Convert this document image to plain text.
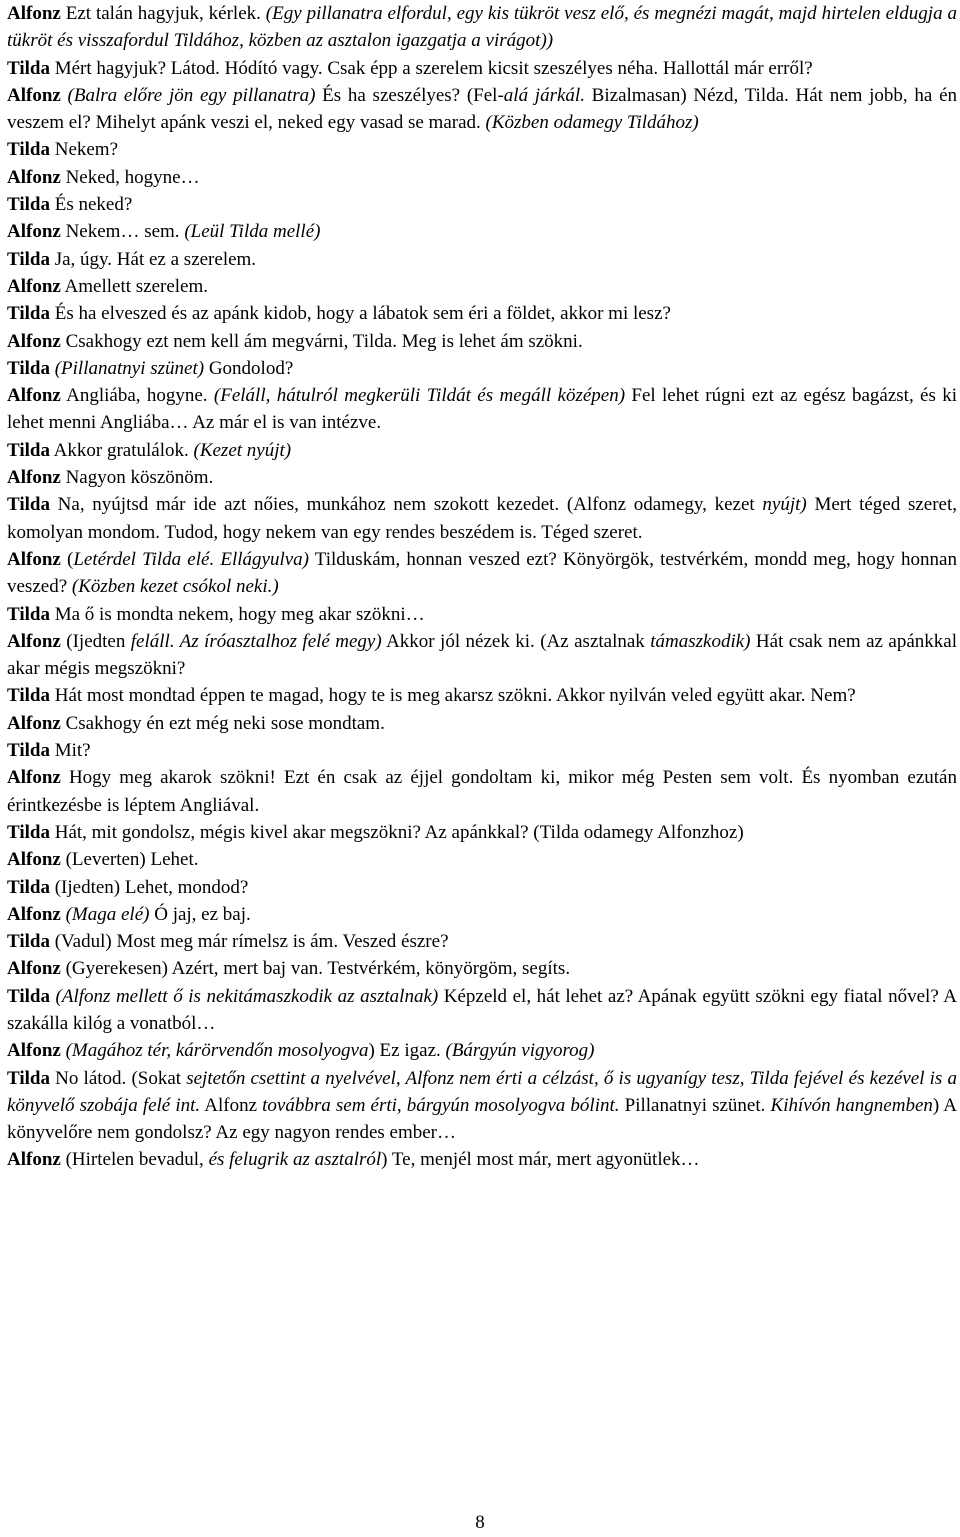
Alfonz Ezt talán hagyjuk, kérlek. (Egy pillanatra elfordul, egy kis tükröt vesz elő, és megnézi magát, majd hirtelen eldugja a tükröt és visszafordul Tildához, közben az asztalon igazgatja a virágot))

Tilda Mért hagyjuk? Látod. Hódító vagy. Csak épp a szerelem kicsit szeszélyes néha. Hallottál már erről?

Alfonz (Balra előre jön egy pillanatra) És ha szeszélyes? (Fel-alá járkál. Bizalmasan) Nézd, Tilda. Hát nem jobb, ha én veszem el? Mihelyt apánk veszi el, neked egy vasad se marad. (Közben odamegy Tildához)

Tilda Nekem?

Alfonz Neked, hogyne…

Tilda És neked?

Alfonz Nekem… sem. (Leül Tilda mellé)

Tilda Ja, úgy. Hát ez a szerelem.

Alfonz Amellett szerelem.

Tilda És ha elveszed és az apánk kidob, hogy a lábatok sem éri a földet, akkor mi lesz?

Alfonz Csakhogy ezt nem kell ám megvárni, Tilda. Meg is lehet ám szökni.

Tilda (Pillanatnyi szünet) Gondolod?

Alfonz Angliába, hogyne. (Feláll, hátulról megkerüli Tildát és megáll középen) Fel lehet rúgni ezt az egész bagázst, és ki lehet menni Angliába… Az már el is van intézve.

Tilda Akkor gratulálok. (Kezet nyújt)

Alfonz Nagyon köszönöm.

Tilda Na, nyújtsd már ide azt nőies, munkához nem szokott kezedet. (Alfonz odamegy, kezet nyújt) Mert téged szeret, komolyan mondom. Tudod, hogy nekem van egy rendes beszédem is. Téged szeret.

Alfonz (Letérdel Tilda elé. Ellágyulva) Tilduskám, honnan veszed ezt? Könyörgök, testvérkém, mondd meg, hogy honnan veszed? (Közben kezet csókol neki.)

Tilda Ma ő is mondta nekem, hogy meg akar szökni…

Alfonz (Ijedten feláll. Az íróasztalhoz felé megy) Akkor jól nézek ki. (Az asztalnak támaszkodik) Hát csak nem az apánkkal akar mégis megszökni?

Tilda Hát most mondtad éppen te magad, hogy te is meg akarsz szökni. Akkor nyilván veled együtt akar. Nem?

Alfonz Csakhogy én ezt még neki sose mondtam.

Tilda Mit?

Alfonz Hogy meg akarok szökni! Ezt én csak az éjjel gondoltam ki, mikor még Pesten sem volt. És nyomban ezután érintkezésbe is léptem Angliával.

Tilda Hát, mit gondolsz, mégis kivel akar megszökni? Az apánkkal? (Tilda odamegy Alfonzhoz)

Alfonz (Leverten) Lehet.

Tilda (Ijedten) Lehet, mondod?

Alfonz (Maga elé) Ó jaj, ez baj.

Tilda (Vadul) Most meg már rímelsz is ám. Veszed észre?

Alfonz (Gyerekesen) Azért, mert baj van. Testvérkém, könyörgöm, segíts.

Tilda (Alfonz mellett ő is nekitámaszkodik az asztalnak) Képzeld el, hát lehet az? Apának együtt szökni egy fiatal nővel? A szakálla kilóg a vonatból…

Alfonz (Magához tér, kárörvendőn mosolyogva) Ez igaz. (Bárgyún vigyorog)

Tilda No látod. (Sokat sejtetőn csettint a nyelvével, Alfonz nem érti a célzást, ő is ugyanígy tesz, Tilda fejével és kezével is a könyvelő szobája felé int. Alfonz továbbra sem érti, bárgyún mosolyogva bólint. Pillanatnyi szünet. Kihívón hangnemben) A könyvelőre nem gondolsz? Az egy nagyon rendes ember…

Alfonz (Hirtelen bevadul, és felugrik az asztalról) Te, menjél most már, mert agyonütlek…

8
